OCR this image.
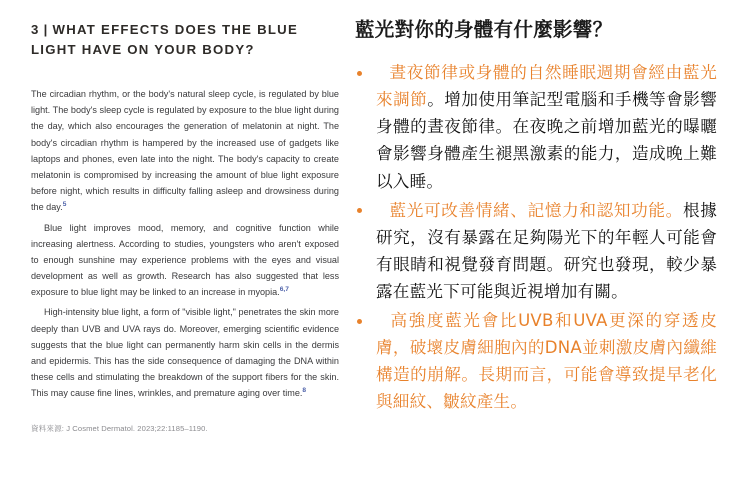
3 | WHAT EFFECTS DOES THE BLUE LIGHT HAVE ON YOUR BODY?

The circadian rhythm, or the body's natural sleep cycle, is regulated by blue light. The body's sleep cycle is regulated by exposure to the blue light during the day, which also encourages the generation of melatonin at night. The body's circadian rhythm is hampered by the increased use of gadgets like laptops and phones, even late into the night. The body's capacity to create melatonin is compromised by increasing the amount of blue light exposure before night, which results in difficulty falling asleep and drowsiness during the day.$^5$

Blue light improves mood, memory, and cognitive function while increasing alertness. According to studies, youngsters who aren't exposed to enough sunshine may experience problems with the eyes and visual development as well as growth. Research has also suggested that less exposure to blue light may be linked to an increase in myopia.$^{6,7}$

High-intensity blue light, a form of "visible light," penetrates the skin more deeply than UVB and UVA rays do. Moreover, emerging scientific evidence suggests that the blue light can permanently harm skin cells in the dermis and epidermis. This has the side consequence of damaging the DNA within these cells and stimulating the breakdown of the support fibers for the skin. This may cause fine lines, wrinkles, and premature aging over time.$^8$

資料來源: J Cosmet Dermatol. 2023;22:1185–1190.
藍光對你的身體有什麼影響？
晝夜節律或身體的自然睡眠週期會經由藍光來調節。增加使用筆記型電腦和手機等會影響身體的晝夜節律。在夜晚之前增加藍光的曝曬會影響身體產生褪黑激素的能力，造成晚上難以入睡。
藍光可改善情緒、記憶力和認知功能。根據研究，沒有暴露在足夠陽光下的年輕人可能會有眼睛和視覺發育問題。研究也發現，較少暴露在藍光下可能與近視增加有關。
高強度藍光會比UVB和UVA更深的穿透皮膚，破壞皮膚細胞內的DNA並刺激皮膚內纖維構造的崩解。長期而言，可能會導致提早老化與細紋、皺紋產生。
